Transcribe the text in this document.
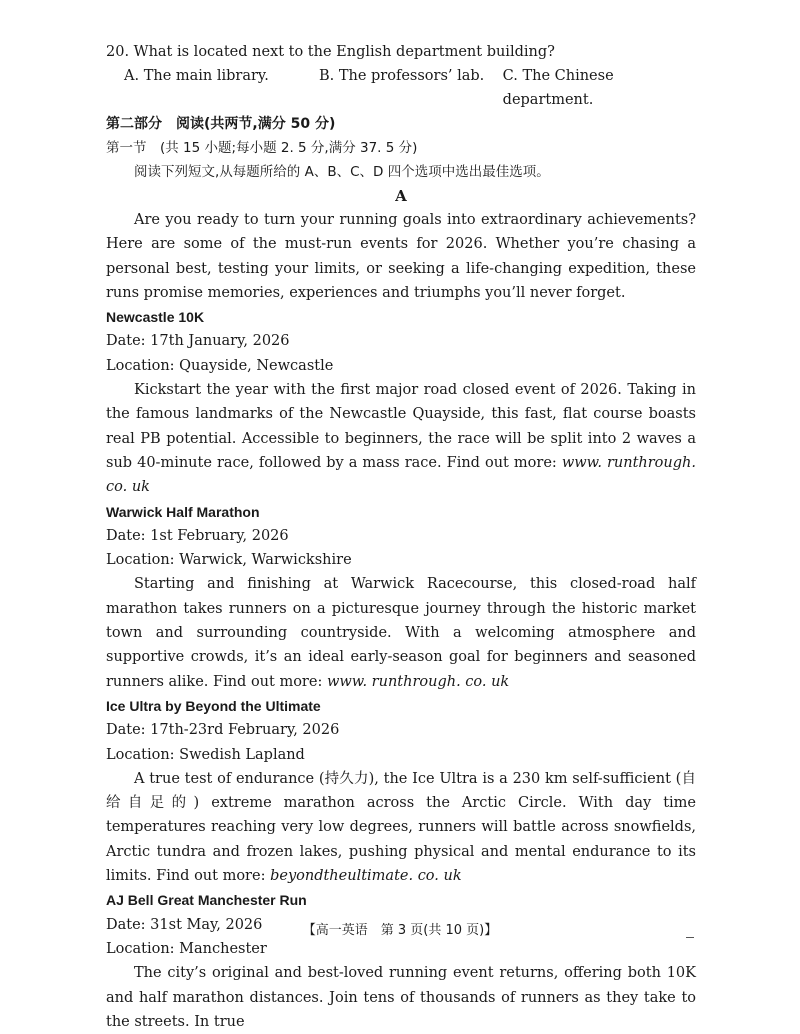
20. What is located next to the English department building?
A. The main library.	B. The professors’ lab.	C. The Chinese department.
第二部分　阅读(共两节,满分 50 分)
第一节　(共 15 小题;每小题 2. 5 分,满分 37. 5 分)
阅读下列短文,从每题所给的 A、B、C、D 四个选项中选出最佳选项。
A

Are you ready to turn your running goals into extraordinary achievements? Here are some of the must-run events for 2026. Whether you’re chasing a personal best, testing your limits, or seeking a life-changing expedition, these runs promise memories, experiences and triumphs you’ll never forget.

Newcastle 10K
Date: 17th January, 2026
Location: Quayside, Newcastle

Kickstart the year with the first major road closed event of 2026. Taking in the famous landmarks of the Newcastle Quayside, this fast, flat course boasts real PB potential. Accessible to beginners, the race will be split into 2 waves a sub 40-minute race, followed by a mass race. Find out more: www. runthrough. co. uk

Warwick Half Marathon
Date: 1st February, 2026
Location: Warwick, Warwickshire

Starting and finishing at Warwick Racecourse, this closed-road half marathon takes runners on a picturesque journey through the historic market town and surrounding countryside. With a welcoming atmosphere and supportive crowds, it’s an ideal early-season goal for beginners and seasoned runners alike. Find out more: www. runthrough. co. uk

Ice Ultra by Beyond the Ultimate
Date: 17th-23rd February, 2026
Location: Swedish Lapland

A true test of endurance (持久力), the Ice Ultra is a 230 km self-sufficient (自给自足的) extreme marathon across the Arctic Circle. With day time temperatures reaching very low degrees, runners will battle across snowfields, Arctic tundra and frozen lakes, pushing physical and mental endurance to its limits. Find out more: beyondtheultimate. co. uk

AJ Bell Great Manchester Run
Date: 31st May, 2026
Location: Manchester

The city’s original and best-loved running event returns, offering both 10K and half marathon distances. Join tens of thousands of runners as they take to the streets. In true

【高一英语　第 3 页(共 10 页)】
